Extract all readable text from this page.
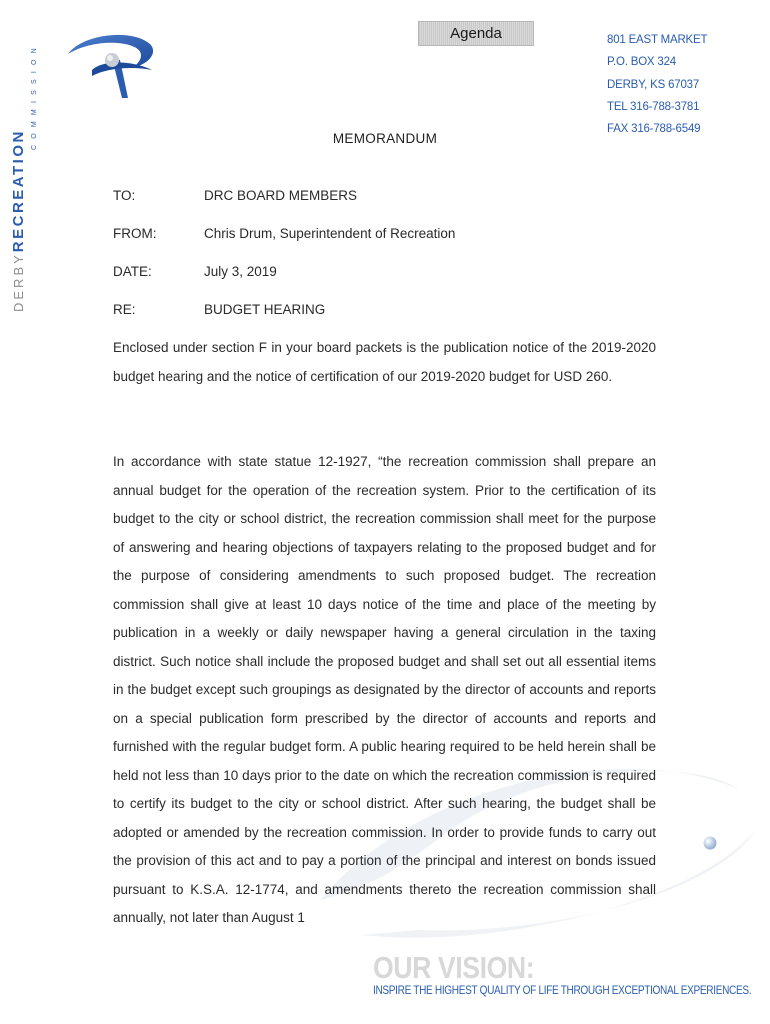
DERBYRECREATION
COMMISSION
Agenda	801 EAST MARKET
P.O. BOX 324
DERBY, KS 67037
TEL 316-788-3781
FAX 316-788-6549
MEMORANDUM
TO:	DRC BOARD MEMBERS
FROM:	Chris Drum, Superintendent of Recreation
DATE:	July 3, 2019
RE:	BUDGET HEARING
Enclosed under section F in your board packets is the publication notice of the 2019-2020 budget hearing and the notice of certification of our 2019-2020 budget for USD 260.
In accordance with state statue 12-1927, “the recreation commission shall prepare an annual budget for the operation of the recreation system. Prior to the certification of its budget to the city or school district, the recreation commission shall meet for the purpose of answering and hearing objections of taxpayers relating to the proposed budget and for the purpose of considering amendments to such proposed budget. The recreation commission shall give at least 10 days notice of the time and place of the meeting by publication in a weekly or daily newspaper having a general circulation in the taxing district. Such notice shall include the proposed budget and shall set out all essential items in the budget except such groupings as designated by the director of accounts and reports on a special publication form prescribed by the director of accounts and reports and furnished with the regular budget form. A public hearing required to be held herein shall be held not less than 10 days prior to the date on which the recreation commission is required to certify its budget to the city or school district. After such hearing, the budget shall be adopted or amended by the recreation commission. In order to provide funds to carry out the provision of this act and to pay a portion of the principal and interest on bonds issued pursuant to K.S.A. 12-1774, and amendments thereto the recreation commission shall annually, not later than August 1
OUR VISION:
INSPIRE THE HIGHEST QUALITY OF LIFE THROUGH EXCEPTIONAL EXPERIENCES.
